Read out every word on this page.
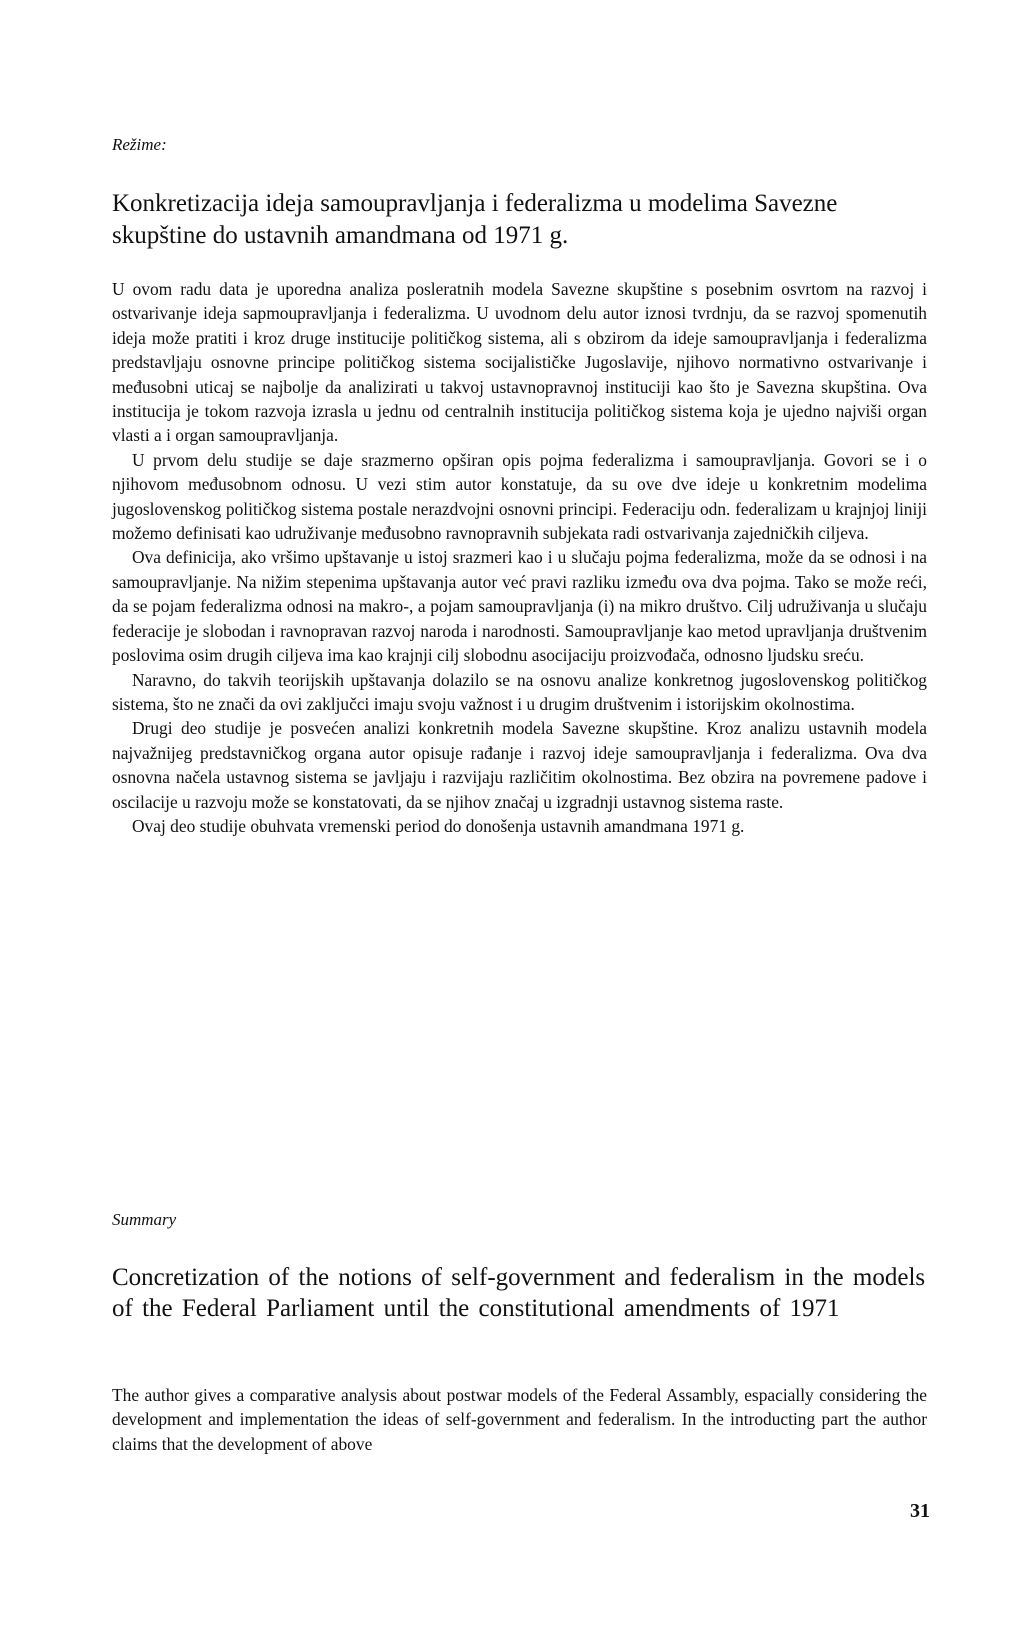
Režime:
Konkretizacija ideja samoupravljanja i federalizma u modelima Savezne skupštine do ustavnih amandmana od 1971 g.

U ovom radu data je uporedna analiza posleratnih modela Savezne skupštine s posebnim osvrtom na razvoj i ostvarivanje ideja sapmoupravljanja i federalizma. U uvodnom delu autor iznosi tvrdnju, da se razvoj spomenutih ideja može pratiti i kroz druge institucije političkog sistema, ali s obzirom da ideje samoupravljanja i federalizma predstavljaju osnovne principe političkog sistema socijalističke Jugoslavije, njihovo normativno ostvarivanje i međusobni uticaj se najbolje da analizirati u takvoj ustavnopravnoj instituciji kao što je Savezna skupština. Ova institucija je tokom razvoja izrasla u jednu od centralnih institucija političkog sistema koja je ujedno najviši organ vlasti a i organ samoupravljanja.

U prvom delu studije se daje srazmerno opširan opis pojma federalizma i samoupravljanja. Govori se i o njihovom međusobnom odnosu. U vezi stim autor konstatuje, da su ove dve ideje u konkretnim modelima jugoslovenskog političkog sistema postale nerazdvojni osnovni principi. Federaciju odn. federalizam u krajnjoj liniji možemo definisati kao udruživanje međusobno ravnopravnih subjekata radi ostvarivanja zajedničkih ciljeva.

Ova definicija, ako vršimo upštavanje u istoj srazmeri kao i u slučaju pojma federalizma, može da se odnosi i na samoupravljanje. Na nižim stepenima upštavanja autor već pravi razliku između ova dva pojma. Tako se može reći, da se pojam federalizma odnosi na makro-, a pojam samoupravljanja (i) na mikro društvo. Cilj udruživanja u slučaju federacije je slobodan i ravnopravan razvoj naroda i narodnosti. Samoupravljanje kao metod upravljanja društvenim poslovima osim drugih ciljeva ima kao krajnji cilj slobodnu asocijaciju proizvođača, odnosno ljudsku sreću.

Naravno, do takvih teorijskih upštavanja dolazilo se na osnovu analize konkretnog jugoslovenskog političkog sistema, što ne znači da ovi zaključci imaju svoju važnost i u drugim društvenim i istorijskim okolnostima.

Drugi deo studije je posvećen analizi konkretnih modela Savezne skupštine. Kroz analizu ustavnih modela najvažnijeg predstavničkog organa autor opisuje rađanje i razvoj ideje samoupravljanja i federalizma. Ova dva osnovna načela ustavnog sistema se javljaju i razvijaju različitim okolnostima. Bez obzira na povremene padove i oscilacije u razvoju može se konstatovati, da se njihov značaj u izgradnji ustavnog sistema raste.

Ovaj deo studije obuhvata vremenski period do donošenja ustavnih amandmana 1971 g.

Summary
Concretization of the notions of self-government and federalism in the models of the Federal Parliament until the constitutional amendments of 1971

The author gives a comparative analysis about postwar models of the Federal Assambly, espacially considering the development and implementation the ideas of self-government and federalism. In the introducting part the author claims that the development of above

31
